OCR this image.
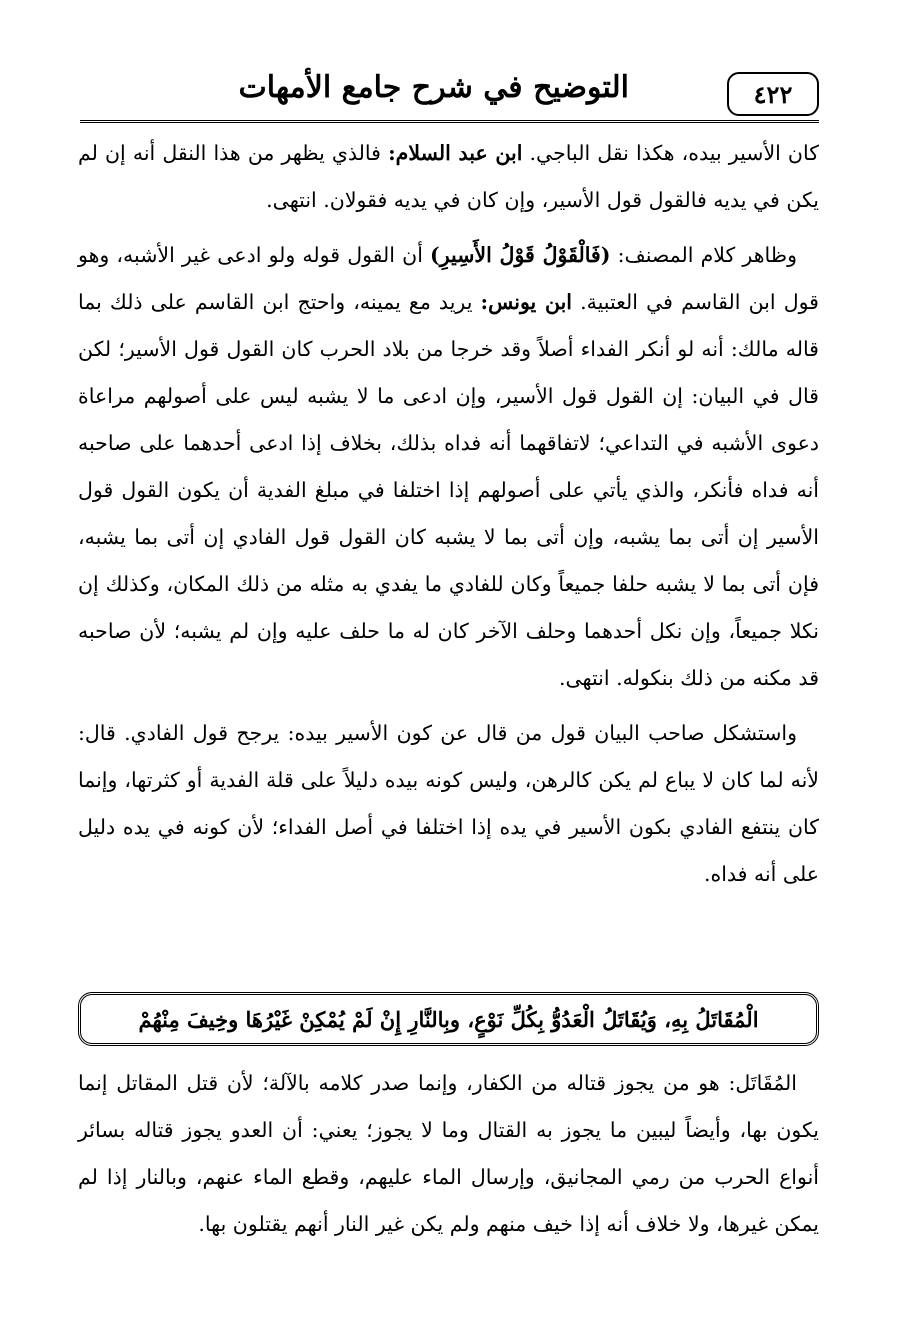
التوضيح في شرح جامع الأمهات	٤٢٢

كان الأسير بيده، هكذا نقل الباجي. ابن عبد السلام: فالذي يظهر من هذا النقل أنه إن لم يكن في يديه فالقول قول الأسير، وإن كان في يديه فقولان. انتهى.

وظاهر كلام المصنف: (فَالْقَوْلُ قَوْلُ الأَسِيرِ) أن القول قوله ولو ادعى غير الأشبه، وهو قول ابن القاسم في العتبية. ابن يونس: يريد مع يمينه، واحتج ابن القاسم على ذلك بما قاله مالك: أنه لو أنكر الفداء أصلاً وقد خرجا من بلاد الحرب كان القول قول الأسير؛ لكن قال في البيان: إن القول قول الأسير، وإن ادعى ما لا يشبه ليس على أصولهم مراعاة دعوى الأشبه في التداعي؛ لاتفاقهما أنه فداه بذلك، بخلاف إذا ادعى أحدهما على صاحبه أنه فداه فأنكر، والذي يأتي على أصولهم إذا اختلفا في مبلغ الفدية أن يكون القول قول الأسير إن أتى بما يشبه، وإن أتى بما لا يشبه كان القول قول الفادي إن أتى بما يشبه، فإن أتى بما لا يشبه حلفا جميعاً وكان للفادي ما يفدي به مثله من ذلك المكان، وكذلك إن نكلا جميعاً، وإن نكل أحدهما وحلف الآخر كان له ما حلف عليه وإن لم يشبه؛ لأن صاحبه قد مكنه من ذلك بنكوله. انتهى.

واستشكل صاحب البيان قول من قال عن كون الأسير بيده: يرجح قول الفادي. قال: لأنه لما كان لا يباع لم يكن كالرهن، وليس كونه بيده دليلاً على قلة الفدية أو كثرتها، وإنما كان ينتفع الفادي بكون الأسير في يده إذا اختلفا في أصل الفداء؛ لأن كونه في يده دليل على أنه فداه.

الْمُقَاتَلُ بِهِ، وَيُقَاتَلُ الْعَدُوُّ بِكُلِّ نَوْعٍ، وبِالنَّارِ إِنْ لَمْ يُمْكِنْ غَيْرُهَا وخِيفَ مِنْهُمْ

المُقَاتَل: هو من يجوز قتاله من الكفار، وإنما صدر كلامه بالآلة؛ لأن قتل المقاتل إنما يكون بها، وأيضاً ليبين ما يجوز به القتال وما لا يجوز؛ يعني: أن العدو يجوز قتاله بسائر أنواع الحرب من رمي المجانيق، وإرسال الماء عليهم، وقطع الماء عنهم، وبالنار إذا لم يمكن غيرها، ولا خلاف أنه إذا خيف منهم ولم يكن غير النار أنهم يقتلون بها.
